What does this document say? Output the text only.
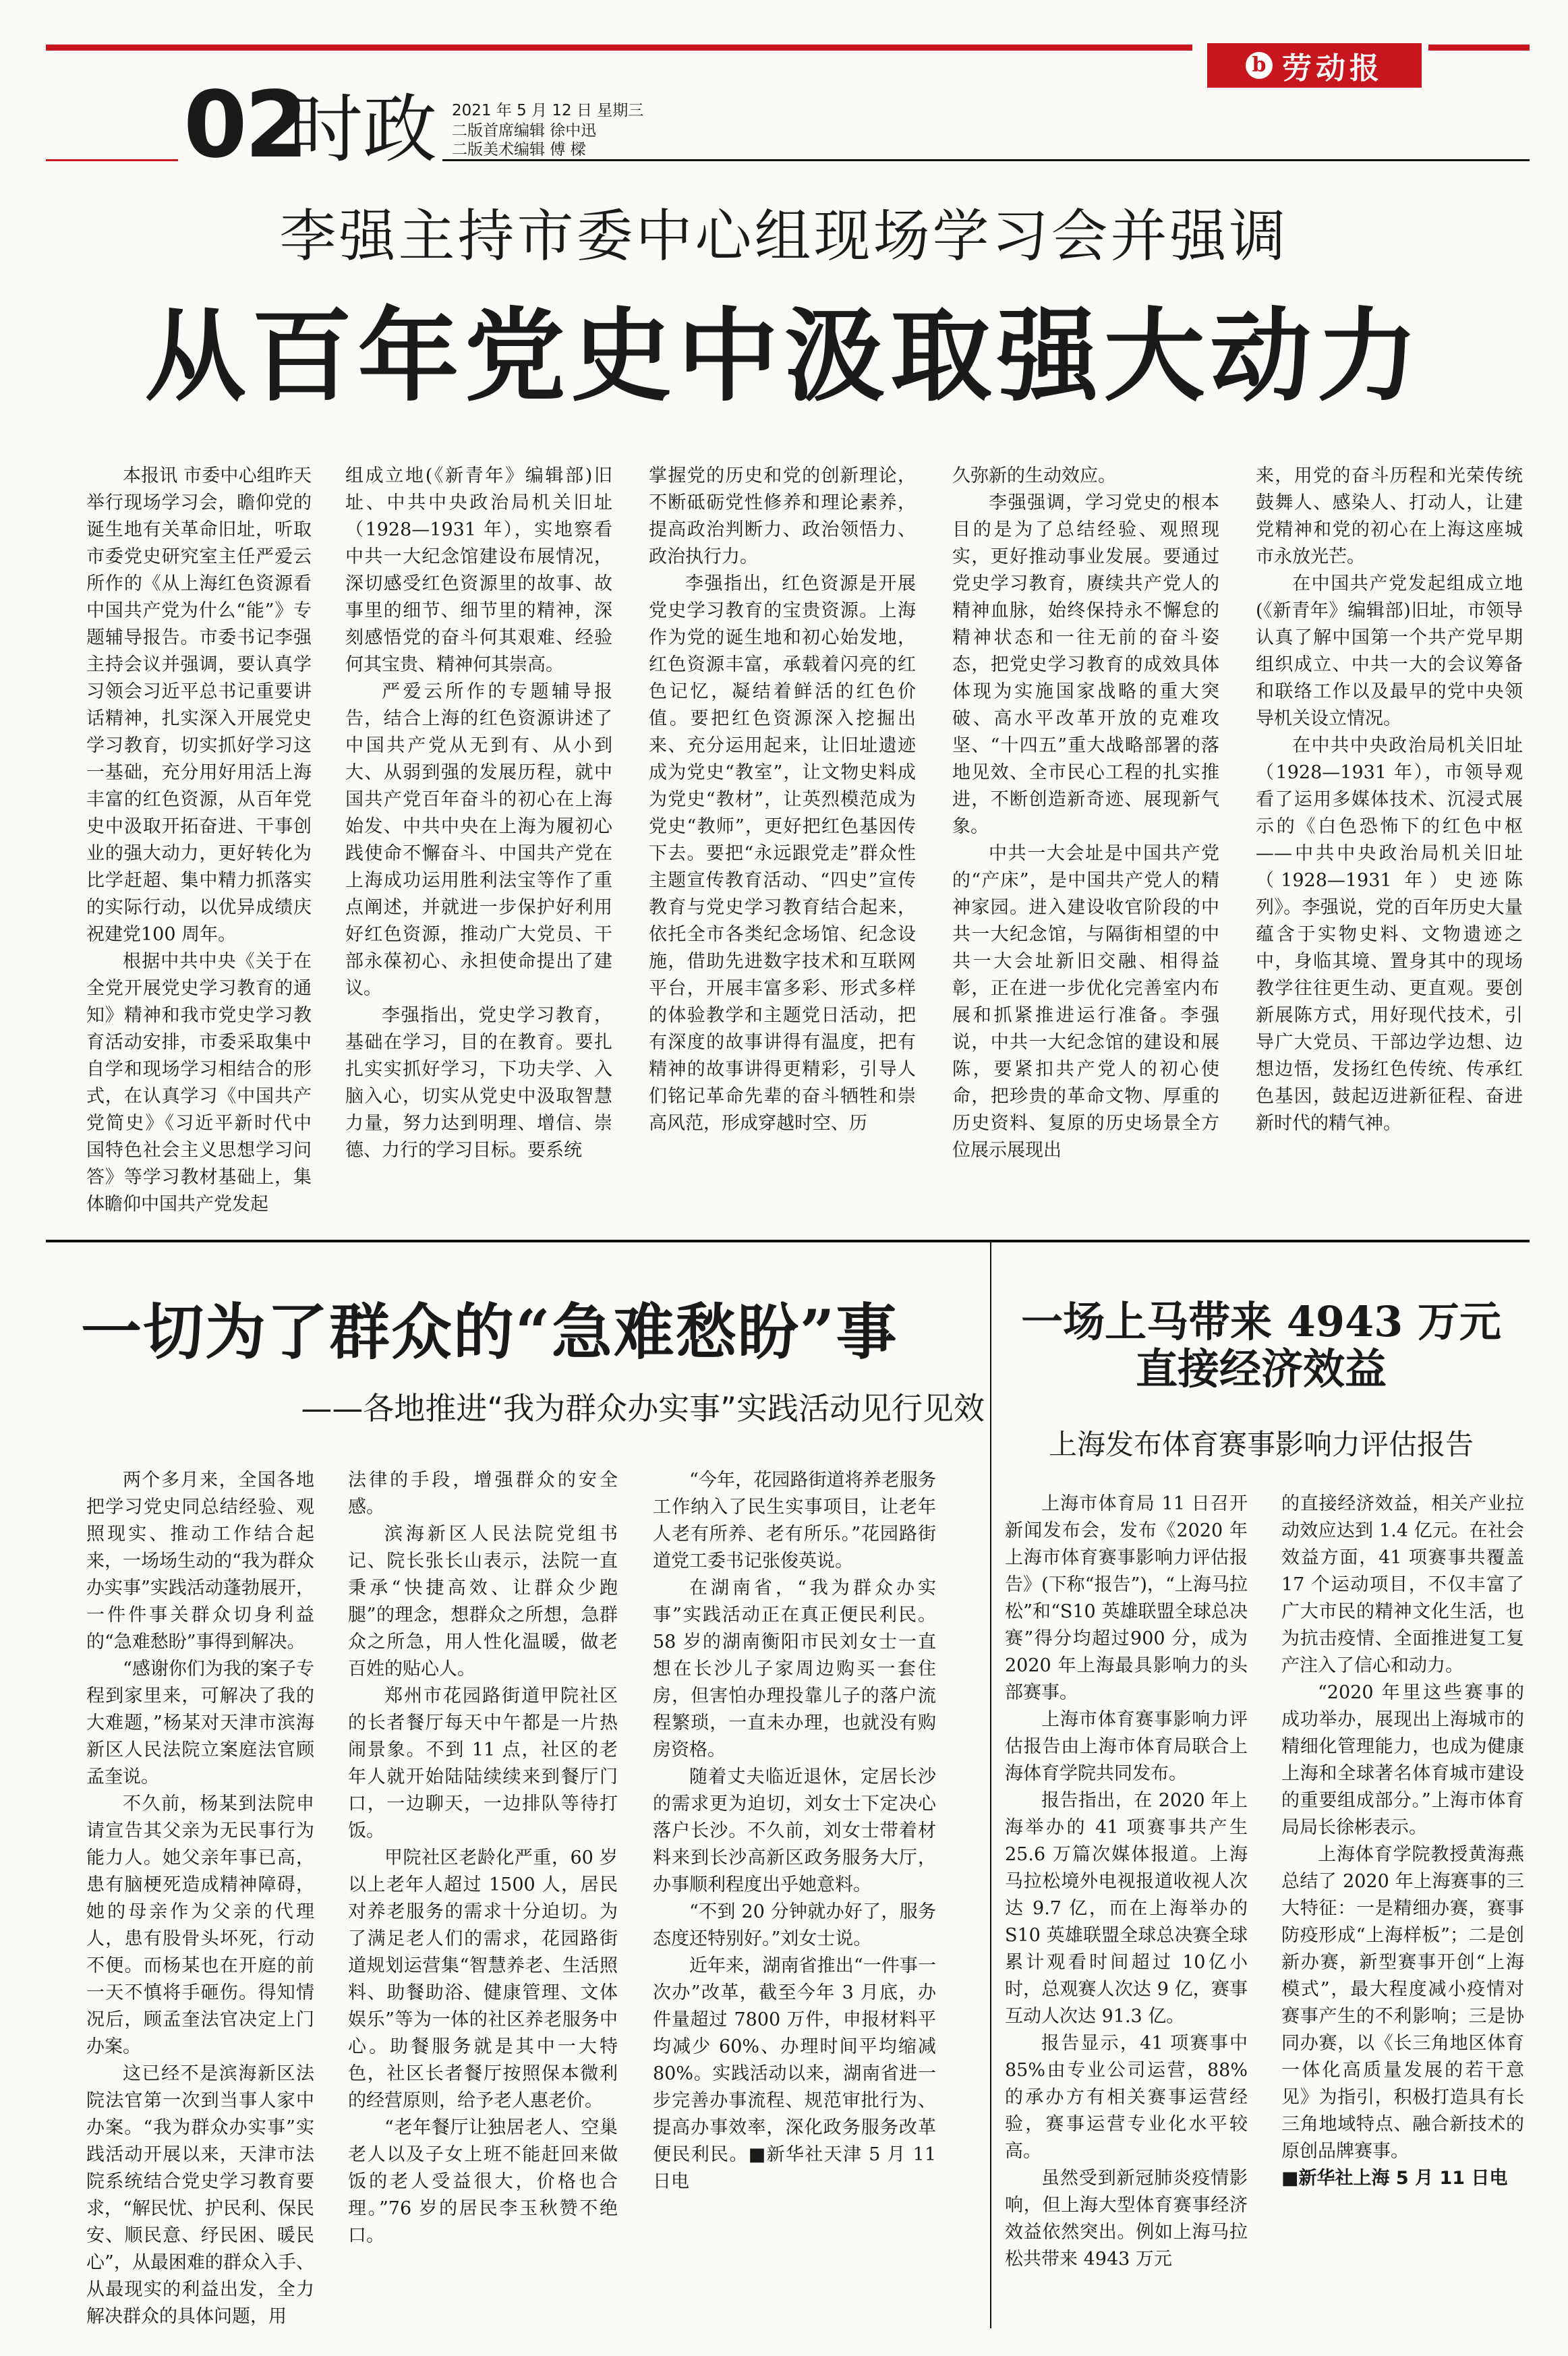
b 劳动报
02
时政 2021 年 5 月 12 日 星期三
二版首席编辑 徐中迅
二版美术编辑 傅 樑
李强主持市委中心组现场学习会并强调
从百年党史中汲取强大动力

本报讯 市委中心组昨天举行现场学习会，瞻仰党的诞生地有关革命旧址，听取市委党史研究室主任严爱云所作的《从上海红色资源看中国共产党为什么“能”》专题辅导报告。市委书记李强主持会议并强调，要认真学习领会习近平总书记重要讲话精神，扎实深入开展党史学习教育，切实抓好学习这一基础，充分用好用活上海丰富的红色资源，从百年党史中汲取开拓奋进、干事创业的强大动力，更好转化为比学赶超、集中精力抓落实的实际行动，以优异成绩庆祝建党100 周年。

根据中共中央《关于在全党开展党史学习教育的通知》精神和我市党史学习教育活动安排，市委采取集中自学和现场学习相结合的形式，在认真学习《中国共产党简史》《习近平新时代中国特色社会主义思想学习问答》等学习教材基础上，集体瞻仰中国共产党发起

组成立地(《新青年》编辑部)旧址、中共中央政治局机关旧址（1928—1931 年），实地察看中共一大纪念馆建设布展情况，深切感受红色资源里的故事、故事里的细节、细节里的精神，深刻感悟党的奋斗何其艰难、经验何其宝贵、精神何其崇高。

严爱云所作的专题辅导报告，结合上海的红色资源讲述了中国共产党从无到有、从小到大、从弱到强的发展历程，就中国共产党百年奋斗的初心在上海始发、中共中央在上海为履初心践使命不懈奋斗、中国共产党在上海成功运用胜利法宝等作了重点阐述，并就进一步保护好利用好红色资源，推动广大党员、干部永葆初心、永担使命提出了建议。

李强指出，党史学习教育，基础在学习，目的在教育。要扎扎实实抓好学习，下功夫学、入脑入心，切实从党史中汲取智慧力量，努力达到明理、增信、崇德、力行的学习目标。要系统

掌握党的历史和党的创新理论，不断砥砺党性修养和理论素养，提高政治判断力、政治领悟力、政治执行力。

李强指出，红色资源是开展党史学习教育的宝贵资源。上海作为党的诞生地和初心始发地，红色资源丰富，承载着闪亮的红色记忆，凝结着鲜活的红色价值。要把红色资源深入挖掘出来、充分运用起来，让旧址遗迹成为党史“教室”，让文物史料成为党史“教材”，让英烈模范成为党史“教师”，更好把红色基因传下去。要把“永远跟党走”群众性主题宣传教育活动、“四史”宣传教育与党史学习教育结合起来，依托全市各类纪念场馆、纪念设施，借助先进数字技术和互联网平台，开展丰富多彩、形式多样的体验教学和主题党日活动，把有深度的故事讲得有温度，把有精神的故事讲得更精彩，引导人们铭记革命先辈的奋斗牺牲和崇高风范，形成穿越时空、历

久弥新的生动效应。

李强强调，学习党史的根本目的是为了总结经验、观照现实，更好推动事业发展。要通过党史学习教育，赓续共产党人的精神血脉，始终保持永不懈怠的精神状态和一往无前的奋斗姿态，把党史学习教育的成效具体体现为实施国家战略的重大突破、高水平改革开放的克难攻坚、“十四五”重大战略部署的落地见效、全市民心工程的扎实推进，不断创造新奇迹、展现新气象。

中共一大会址是中国共产党的“产床”，是中国共产党人的精神家园。进入建设收官阶段的中共一大纪念馆，与隔街相望的中共一大会址新旧交融、相得益彰，正在进一步优化完善室内布展和抓紧推进运行准备。李强说，中共一大纪念馆的建设和展陈，要紧扣共产党人的初心使命，把珍贵的革命文物、厚重的历史资料、复原的历史场景全方位展示展现出

来，用党的奋斗历程和光荣传统鼓舞人、感染人、打动人，让建党精神和党的初心在上海这座城市永放光芒。

在中国共产党发起组成立地(《新青年》编辑部)旧址，市领导认真了解中国第一个共产党早期组织成立、中共一大的会议筹备和联络工作以及最早的党中央领导机关设立情况。

在中共中央政治局机关旧址（1928—1931 年），市领导观看了运用多媒体技术、沉浸式展示的《白色恐怖下的红色中枢——中共中央政治局机关旧址（1928—1931 年）史迹陈列》。李强说，党的百年历史大量蕴含于实物史料、文物遗迹之中，身临其境、置身其中的现场教学往往更生动、更直观。要创新展陈方式，用好现代技术，引导广大党员、干部边学边想、边想边悟，发扬红色传统、传承红色基因，鼓起迈进新征程、奋进新时代的精气神。

一切为了群众的“急难愁盼”事
——各地推进“我为群众办实事”实践活动见行见效

两个多月来，全国各地把学习党史同总结经验、观照现实、推动工作结合起来，一场场生动的“我为群众办实事”实践活动蓬勃展开，一件件事关群众切身利益的“急难愁盼”事得到解决。

“感谢你们为我的案子专程到家里来，可解决了我的大难题，”杨某对天津市滨海新区人民法院立案庭法官顾孟奎说。

不久前，杨某到法院申请宣告其父亲为无民事行为能力人。她父亲年事已高，患有脑梗死造成精神障碍，她的母亲作为父亲的代理人，患有股骨头坏死，行动不便。而杨某也在开庭的前一天不慎将手砸伤。得知情况后，顾孟奎法官决定上门办案。

这已经不是滨海新区法院法官第一次到当事人家中办案。“我为群众办实事”实践活动开展以来，天津市法院系统结合党史学习教育要求，“解民忧、护民利、保民安、顺民意、纾民困、暖民心”，从最困难的群众入手、从最现实的利益出发，全力解决群众的具体问题，用

法律的手段，增强群众的安全感。

滨海新区人民法院党组书记、院长张长山表示，法院一直秉承“快捷高效、让群众少跑腿”的理念，想群众之所想，急群众之所急，用人性化温暖，做老百姓的贴心人。

郑州市花园路街道甲院社区的长者餐厅每天中午都是一片热闹景象。不到 11 点，社区的老年人就开始陆陆续续来到餐厅门口，一边聊天，一边排队等待打饭。

甲院社区老龄化严重，60 岁以上老年人超过 1500 人，居民对养老服务的需求十分迫切。为了满足老人们的需求，花园路街道规划运营集“智慧养老、生活照料、助餐助浴、健康管理、文体娱乐”等为一体的社区养老服务中心。助餐服务就是其中一大特色，社区长者餐厅按照保本微利的经营原则，给予老人惠老价。

“老年餐厅让独居老人、空巢老人以及子女上班不能赶回来做饭的老人受益很大，价格也合理。”76 岁的居民李玉秋赞不绝口。

“今年，花园路街道将养老服务工作纳入了民生实事项目，让老年人老有所养、老有所乐。”花园路街道党工委书记张俊英说。

在湖南省，“我为群众办实事”实践活动正在真正便民利民。58 岁的湖南衡阳市民刘女士一直想在长沙儿子家周边购买一套住房，但害怕办理投靠儿子的落户流程繁琐，一直未办理，也就没有购房资格。

随着丈夫临近退休，定居长沙的需求更为迫切，刘女士下定决心落户长沙。不久前，刘女士带着材料来到长沙高新区政务服务大厅，办事顺利程度出乎她意料。

“不到 20 分钟就办好了，服务态度还特别好。”刘女士说。

近年来，湖南省推出“一件事一次办”改革，截至今年 3 月底，办件量超过 7800 万件，申报材料平均减少 60%、办理时间平均缩减 80%。实践活动以来，湖南省进一步完善办事流程、规范审批行为、提高办事效率，深化政务服务改革便民利民。■新华社天津 5 月 11 日电

一场上马带来 4943 万元
直接经济效益
上海发布体育赛事影响力评估报告

上海市体育局 11 日召开新闻发布会，发布《2020 年上海市体育赛事影响力评估报告》(下称“报告”)，“上海马拉松”和“S10 英雄联盟全球总决赛”得分均超过900 分，成为 2020 年上海最具影响力的头部赛事。

上海市体育赛事影响力评估报告由上海市体育局联合上海体育学院共同发布。

报告指出，在 2020 年上海举办的 41 项赛事共产生25.6 万篇次媒体报道。上海马拉松境外电视报道收视人次达 9.7 亿，而在上海举办的 S10 英雄联盟全球总决赛全球累计观看时间超过 10亿小时，总观赛人次达 9 亿，赛事互动人次达 91.3 亿。

报告显示，41 项赛事中85%由专业公司运营，88%的承办方有相关赛事运营经验，赛事运营专业化水平较高。

虽然受到新冠肺炎疫情影响，但上海大型体育赛事经济效益依然突出。例如上海马拉松共带来 4943 万元

的直接经济效益，相关产业拉动效应达到 1.4 亿元。在社会效益方面，41 项赛事共覆盖 17 个运动项目，不仅丰富了广大市民的精神文化生活，也为抗击疫情、全面推进复工复产注入了信心和动力。

“2020 年里这些赛事的成功举办，展现出上海城市的精细化管理能力，也成为健康上海和全球著名体育城市建设的重要组成部分。”上海市体育局局长徐彬表示。

上海体育学院教授黄海燕总结了 2020 年上海赛事的三大特征：一是精细办赛，赛事防疫形成“上海样板”；二是创新办赛，新型赛事开创“上海模式”，最大程度减小疫情对赛事产生的不利影响；三是协同办赛，以《长三角地区体育一体化高质量发展的若干意见》为指引，积极打造具有长三角地域特点、融合新技术的原创品牌赛事。

■新华社上海 5 月 11 日电
